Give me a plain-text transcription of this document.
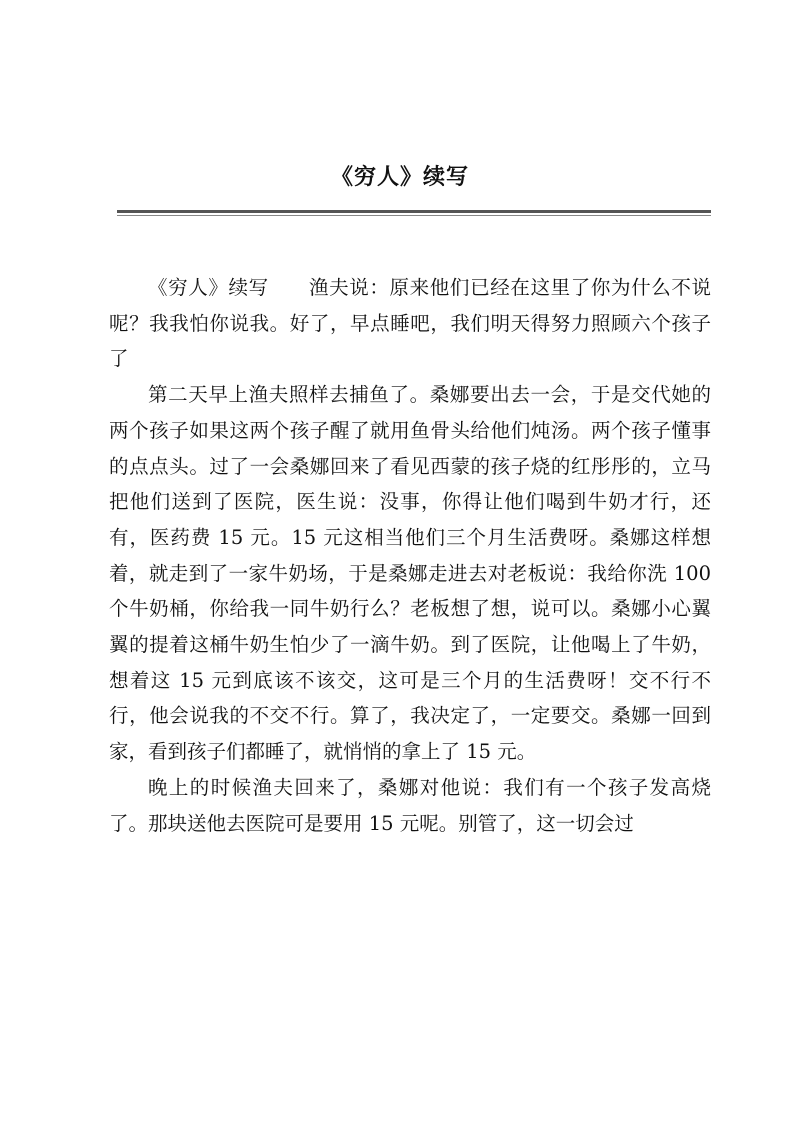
《穷人》续写

《穷人》续写　　渔夫说：原来他们已经在这里了你为什么不说呢？我我怕你说我。好了，早点睡吧，我们明天得努力照顾六个孩子了

第二天早上渔夫照样去捕鱼了。桑娜要出去一会，于是交代她的两个孩子如果这两个孩子醒了就用鱼骨头给他们炖汤。两个孩子懂事的点点头。过了一会桑娜回来了看见西蒙的孩子烧的红彤彤的，立马把他们送到了医院，医生说：没事，你得让他们喝到牛奶才行，还有，医药费 15 元。15 元这相当他们三个月生活费呀。桑娜这样想着，就走到了一家牛奶场，于是桑娜走进去对老板说：我给你洗 100 个牛奶桶，你给我一同牛奶行么？老板想了想，说可以。桑娜小心翼翼的提着这桶牛奶生怕少了一滴牛奶。到了医院，让他喝上了牛奶，想着这 15 元到底该不该交，这可是三个月的生活费呀！交不行不行，他会说我的不交不行。算了，我决定了，一定要交。桑娜一回到家，看到孩子们都睡了，就悄悄的拿上了 15 元。

晚上的时候渔夫回来了，桑娜对他说：我们有一个孩子发高烧了。那块送他去医院可是要用 15 元呢。别管了，这一切会过
